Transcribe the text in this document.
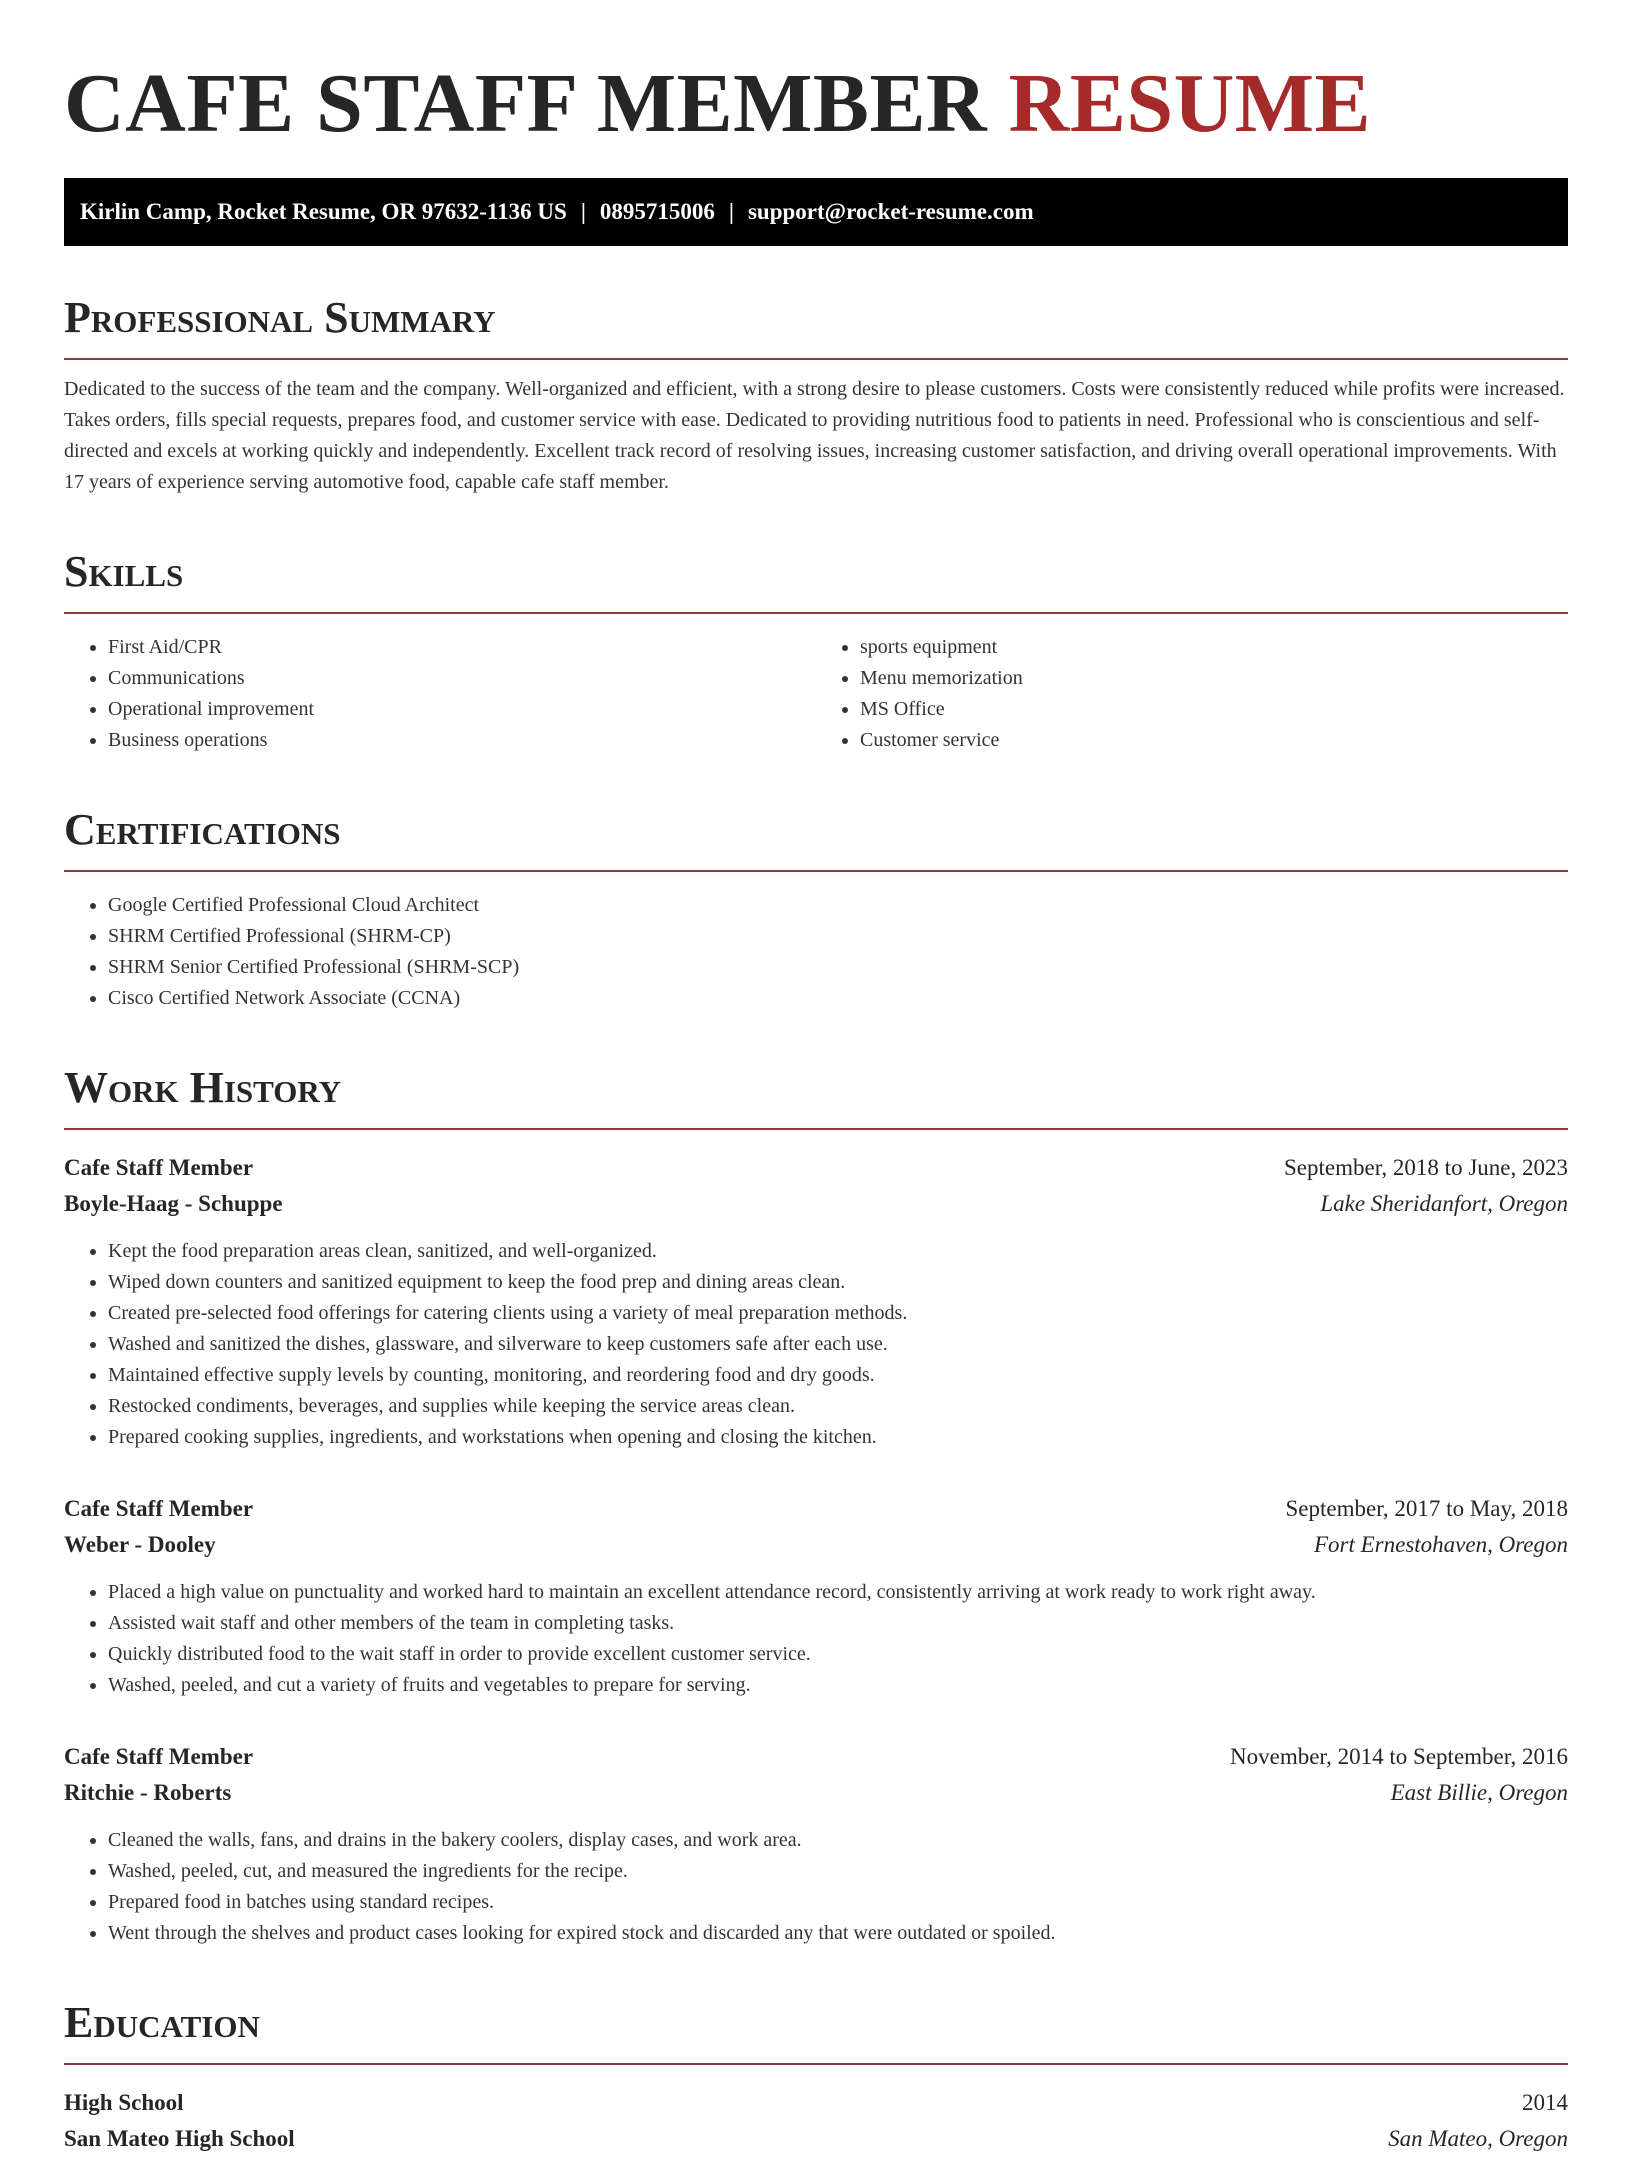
CAFE STAFF MEMBER RESUME
Kirlin Camp, Rocket Resume, OR 97632-1136 US | 0895715006 | support@rocket-resume.com
Professional Summary

Dedicated to the success of the team and the company. Well-organized and efficient, with a strong desire to please customers. Costs were consistently reduced while profits were increased. Takes orders, fills special requests, prepares food, and customer service with ease. Dedicated to providing nutritious food to patients in need. Professional who is conscientious and self-directed and excels at working quickly and independently. Excellent track record of resolving issues, increasing customer satisfaction, and driving overall operational improvements. With 17 years of experience serving automotive food, capable cafe staff member.

Skills
• First Aid/CPR
• Communications
• Operational improvement
• Business operations
• sports equipment
• Menu memorization
• MS Office
• Customer service
Certifications
• Google Certified Professional Cloud Architect
• SHRM Certified Professional (SHRM-CP)
• SHRM Senior Certified Professional (SHRM-SCP)
• Cisco Certified Network Associate (CCNA)
Work History
Cafe Staff Member	September, 2018 to June, 2023
Boyle-Haag - Schuppe	Lake Sheridanfort, Oregon
• Kept the food preparation areas clean, sanitized, and well-organized.
• Wiped down counters and sanitized equipment to keep the food prep and dining areas clean.
• Created pre-selected food offerings for catering clients using a variety of meal preparation methods.
• Washed and sanitized the dishes, glassware, and silverware to keep customers safe after each use.
• Maintained effective supply levels by counting, monitoring, and reordering food and dry goods.
• Restocked condiments, beverages, and supplies while keeping the service areas clean.
• Prepared cooking supplies, ingredients, and workstations when opening and closing the kitchen.
Cafe Staff Member	September, 2017 to May, 2018
Weber - Dooley	Fort Ernestohaven, Oregon
• Placed a high value on punctuality and worked hard to maintain an excellent attendance record, consistently arriving at work ready to work right away.
• Assisted wait staff and other members of the team in completing tasks.
• Quickly distributed food to the wait staff in order to provide excellent customer service.
• Washed, peeled, and cut a variety of fruits and vegetables to prepare for serving.
Cafe Staff Member	November, 2014 to September, 2016
Ritchie - Roberts	East Billie, Oregon
• Cleaned the walls, fans, and drains in the bakery coolers, display cases, and work area.
• Washed, peeled, cut, and measured the ingredients for the recipe.
• Prepared food in batches using standard recipes.
• Went through the shelves and product cases looking for expired stock and discarded any that were outdated or spoiled.
Education
High School	2014
San Mateo High School	San Mateo, Oregon
